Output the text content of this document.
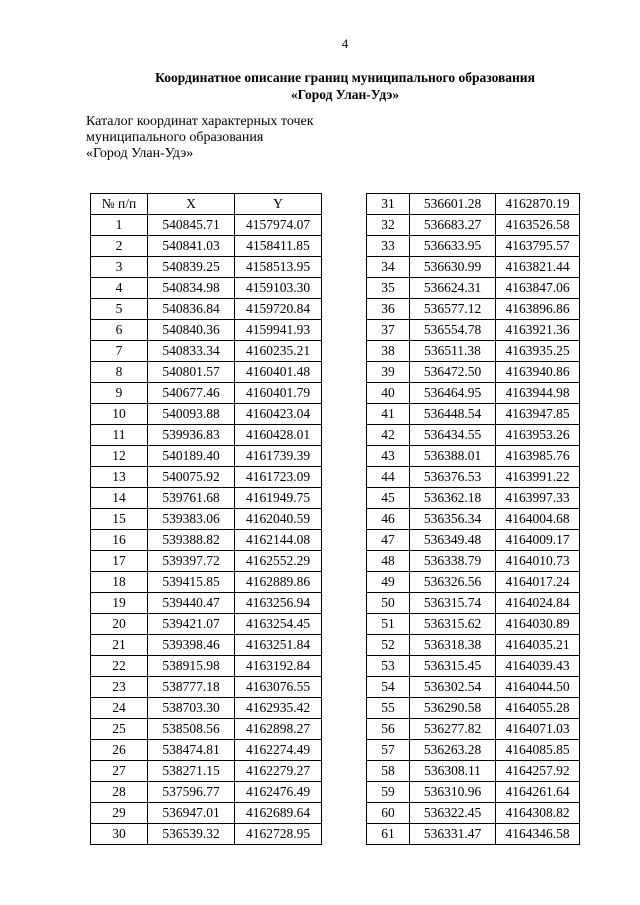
4
Координатное описание границ муниципального образования
«Город Улан-Удэ»
Каталог координат характерных точек
муниципального образования
«Город Улан-Удэ»
№ п/п	X	Y
1	540845.71	4157974.07
2	540841.03	4158411.85
3	540839.25	4158513.95
4	540834.98	4159103.30
5	540836.84	4159720.84
6	540840.36	4159941.93
7	540833.34	4160235.21
8	540801.57	4160401.48
9	540677.46	4160401.79
10	540093.88	4160423.04
11	539936.83	4160428.01
12	540189.40	4161739.39
13	540075.92	4161723.09
14	539761.68	4161949.75
15	539383.06	4162040.59
16	539388.82	4162144.08
17	539397.72	4162552.29
18	539415.85	4162889.86
19	539440.47	4163256.94
20	539421.07	4163254.45
21	539398.46	4163251.84
22	538915.98	4163192.84
23	538777.18	4163076.55
24	538703.30	4162935.42
25	538508.56	4162898.27
26	538474.81	4162274.49
27	538271.15	4162279.27
28	537596.77	4162476.49
29	536947.01	4162689.64
30	536539.32	4162728.95
31	536601.28	4162870.19
32	536683.27	4163526.58
33	536633.95	4163795.57
34	536630.99	4163821.44
35	536624.31	4163847.06
36	536577.12	4163896.86
37	536554.78	4163921.36
38	536511.38	4163935.25
39	536472.50	4163940.86
40	536464.95	4163944.98
41	536448.54	4163947.85
42	536434.55	4163953.26
43	536388.01	4163985.76
44	536376.53	4163991.22
45	536362.18	4163997.33
46	536356.34	4164004.68
47	536349.48	4164009.17
48	536338.79	4164010.73
49	536326.56	4164017.24
50	536315.74	4164024.84
51	536315.62	4164030.89
52	536318.38	4164035.21
53	536315.45	4164039.43
54	536302.54	4164044.50
55	536290.58	4164055.28
56	536277.82	4164071.03
57	536263.28	4164085.85
58	536308.11	4164257.92
59	536310.96	4164261.64
60	536322.45	4164308.82
61	536331.47	4164346.58
